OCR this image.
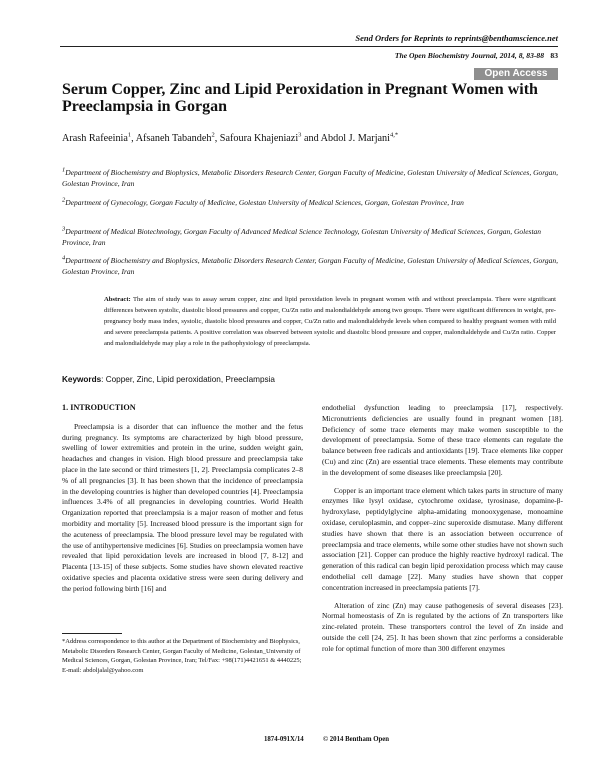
Send Orders for Reprints to reprints@benthamscience.net
The Open Biochemistry Journal, 2014, 8, 83-88 83
Open Access
Serum Copper, Zinc and Lipid Peroxidation in Pregnant Women with Preeclampsia in Gorgan
Arash Rafeeinia$^1$, Afsaneh Tabandeh$^2$, Safoura Khajeniazi$^3$ and Abdol J. Marjani$^{4,*}$
$^1$Department of Biochemistry and Biophysics, Metabolic Disorders Research Center, Gorgan Faculty of Medicine, Golestan University of Medical Sciences, Gorgan, Golestan Province, Iran
$^2$Department of Gynecology, Gorgan Faculty of Medicine, Golestan University of Medical Sciences, Gorgan, Golestan Province, Iran
$^3$Department of Medical Biotechnology, Gorgan Faculty of Advanced Medical Science Technology, Golestan University of Medical Sciences, Gorgan, Golestan Province, Iran
$^4$Department of Biochemistry and Biophysics, Metabolic Disorders Research Center, Gorgan Faculty of Medicine, Golestan University of Medical Sciences, Gorgan, Golestan Province, Iran
Abstract: The aim of study was to assay serum copper, zinc and lipid peroxidation levels in pregnant women with and without preeclampsia. There were significant differences between systolic, diastolic blood pressures and copper, Cu/Zn ratio and malondialdehyde among two groups. There were significant differences in weight, pre-pregnancy body mass index, systolic, diastolic blood pressures and copper, Cu/Zn ratio and malondialdehyde levels when compared to healthy pregnant women with mild and severe preeclampsia patients. A positive correlation was observed between systolic and diastolic blood pressure and copper, malondialdehyde and Cu/Zn ratio. Copper and malondialdehyde may play a role in the pathophysiology of preeclampsia.
Keywords: Copper, Zinc, Lipid peroxidation, Preeclampsia
1. INTRODUCTION

Preeclampsia is a disorder that can influence the mother and the fetus during pregnancy. Its symptoms are characterized by high blood pressure, swelling of lower extremities and protein in the urine, sudden weight gain, headaches and changes in vision. High blood pressure and preeclampsia take place in the late second or third trimesters [1, 2]. Preeclampsia complicates 2–8 % of all pregnancies [3]. It has been shown that the incidence of preeclampsia in the developing countries is higher than developed countries [4]. Preeclampsia influences 3.4% of all pregnancies in developing countries. World Health Organization reported that preeclampsia is a major reason of mother and fetus morbidity and mortality [5]. Increased blood pressure is the important sign for the acuteness of preeclampsia. The blood pressure level may be regulated with the use of antihypertensive medicines [6]. Studies on preeclampsia women have revealed that lipid peroxidation levels are increased in blood [7, 8-12] and Placenta [13-15] of these subjects. Some studies have shown elevated reactive oxidative species and placenta oxidative stress were seen during delivery and the period following birth [16] and

endothelial dysfunction leading to preeclampsia [17], respectively. Micronutrients deficiencies are usually found in pregnant women [18]. Deficiency of some trace elements may make women susceptible to the development of preeclampsia. Some of these trace elements can regulate the balance between free radicals and antioxidants [19]. Trace elements like copper (Cu) and zinc (Zn) are essential trace elements. These elements may contribute in the development of some diseases like preeclampsia [20].

Copper is an important trace element which takes parts in structure of many enzymes like lysyl oxidase, cytochrome oxidase, tyrosinase, dopamine-β-hydroxylase, peptidylglycine alpha-amidating monooxygenase, monoamine oxidase, ceruloplasmin, and copper–zinc superoxide dismutase. Many different studies have shown that there is an association between occurrence of preeclampsia and trace elements, while some other studies have not shown such association [21]. Copper can produce the highly reactive hydroxyl radical. The generation of this radical can begin lipid peroxidation process which may cause endothelial cell damage [22]. Many studies have shown that copper concentration increased in preeclampsia patients [7].

Alteration of zinc (Zn) may cause pathogenesis of several diseases [23]. Normal homeostasis of Zn is regulated by the actions of Zn transporters like zinc-related protein. These transporters control the level of Zn inside and outside the cell [24, 25]. It has been shown that zinc performs a considerable role for optimal function of more than 300 different enzymes

*Address correspondence to this author at the Department of Biochemistry and Biophysics, Metabolic Disorders Research Center, Gorgan Faculty of Medicine, Golestan_University of Medical Sciences, Gorgan, Golestan Province, Iran; Tel/Fax: +98(171)4421651 & 4440225; E-mail: abdoljalal@yahoo.com
1874-091X/14	© 2014 Bentham Open
